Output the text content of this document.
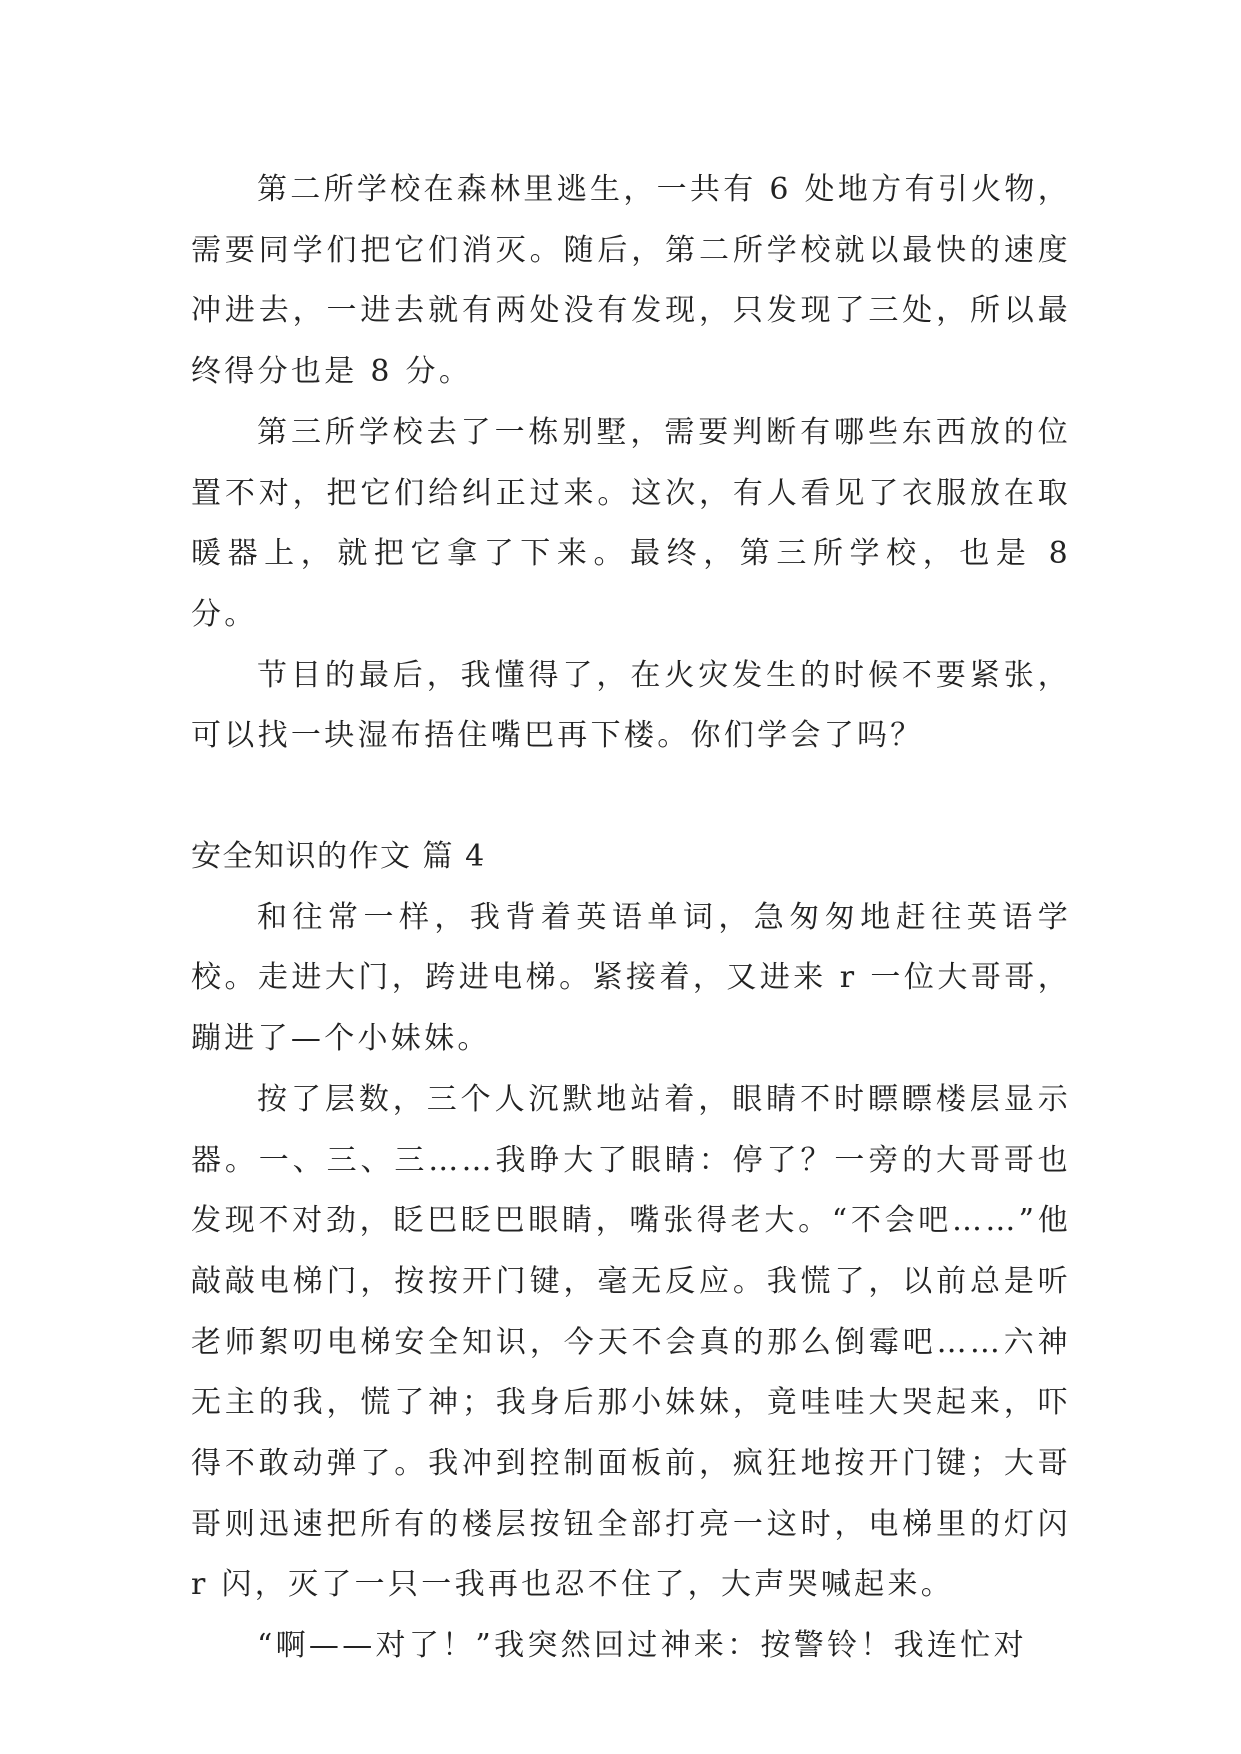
第二所学校在森林里逃生，一共有 6 处地方有引火物，需要同学们把它们消灭。随后，第二所学校就以最快的速度冲进去，一进去就有两处没有发现，只发现了三处，所以最终得分也是 8 分。

第三所学校去了一栋别墅，需要判断有哪些东西放的位置不对，把它们给纠正过来。这次，有人看见了衣服放在取暖器上，就把它拿了下来。最终，第三所学校，也是 8 分。

节目的最后，我懂得了，在火灾发生的时候不要紧张，可以找一块湿布捂住嘴巴再下楼。你们学会了吗？

安全知识的作文 篇 4

和往常一样，我背着英语单词，急匆匆地赶往英语学校。走进大门，跨进电梯。紧接着，又进来 r 一位大哥哥，蹦进了—个小妹妹。

按了层数，三个人沉默地站着，眼睛不时瞟瞟楼层显示器。一、三、三……我睁大了眼睛：停了？一旁的大哥哥也发现不对劲，眨巴眨巴眼睛，嘴张得老大。“不会吧……”他敲敲电梯门，按按开门键，毫无反应。我慌了，以前总是听老师絮叨电梯安全知识，今天不会真的那么倒霉吧……六神无主的我，慌了神；我身后那小妹妹，竟哇哇大哭起来，吓得不敢动弹了。我冲到控制面板前，疯狂地按开门键；大哥哥则迅速把所有的楼层按钮全部打亮一这时，电梯里的灯闪 r 闪，灭了一只一我再也忍不住了，大声哭喊起来。

“啊——对了！”我突然回过神来：按警铃！我连忙对
